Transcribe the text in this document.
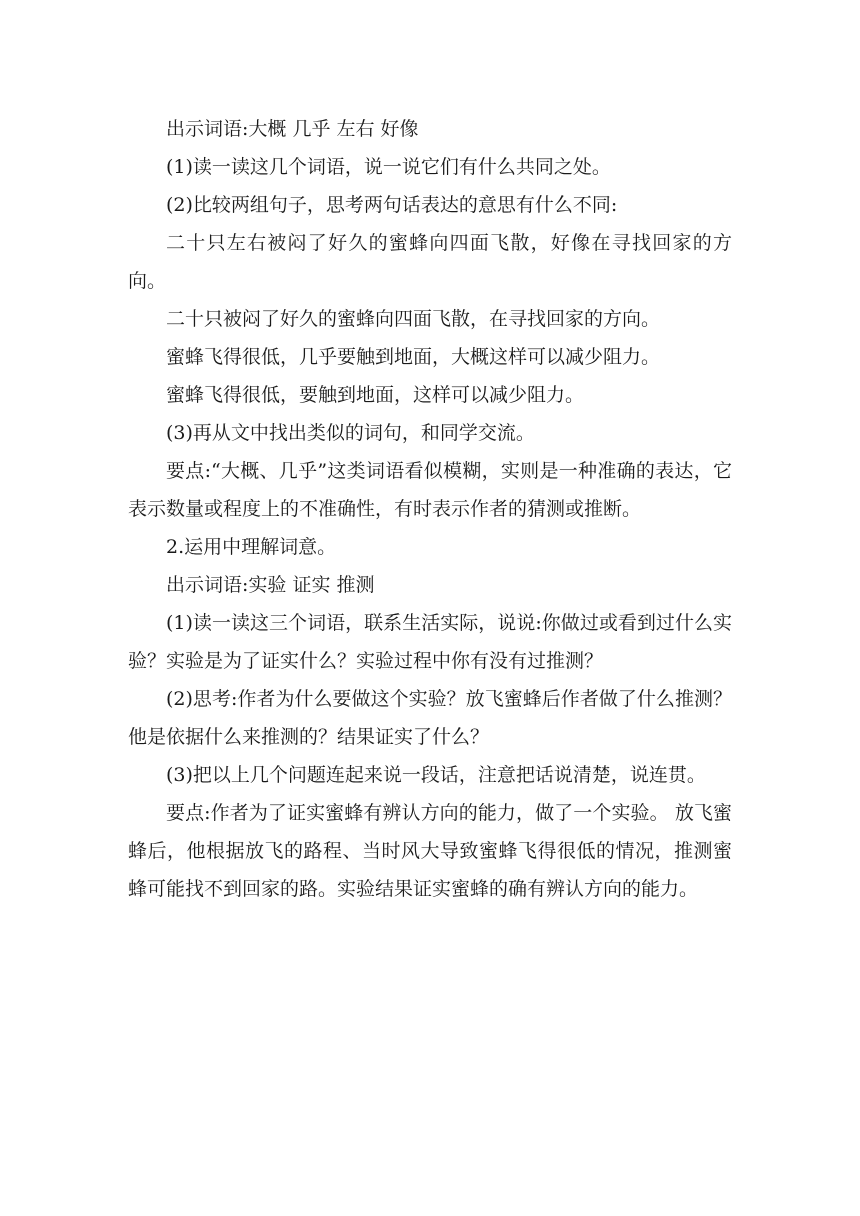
出示词语:大概 几乎 左右 好像

(1)读一读这几个词语，说一说它们有什么共同之处。

(2)比较两组句子，思考两句话表达的意思有什么不同:

二十只左右被闷了好久的蜜蜂向四面飞散，好像在寻找回家的方向。

二十只被闷了好久的蜜蜂向四面飞散，在寻找回家的方向。

蜜蜂飞得很低，几乎要触到地面，大概这样可以减少阻力。

蜜蜂飞得很低，要触到地面，这样可以减少阻力。

(3)再从文中找出类似的词句，和同学交流。

要点:“大概、几乎”这类词语看似模糊，实则是一种准确的表达，它表示数量或程度上的不准确性，有时表示作者的猜测或推断。

2.运用中理解词意。

出示词语:实验 证实 推测

(1)读一读这三个词语，联系生活实际，说说:你做过或看到过什么实验？实验是为了证实什么？实验过程中你有没有过推测？

(2)思考:作者为什么要做这个实验？放飞蜜蜂后作者做了什么推测？他是依据什么来推测的？结果证实了什么？

(3)把以上几个问题连起来说一段话，注意把话说清楚，说连贯。

要点:作者为了证实蜜蜂有辨认方向的能力，做了一个实验。 放飞蜜蜂后，他根据放飞的路程、当时风大导致蜜蜂飞得很低的情况，推测蜜蜂可能找不到回家的路。实验结果证实蜜蜂的确有辨认方向的能力。
